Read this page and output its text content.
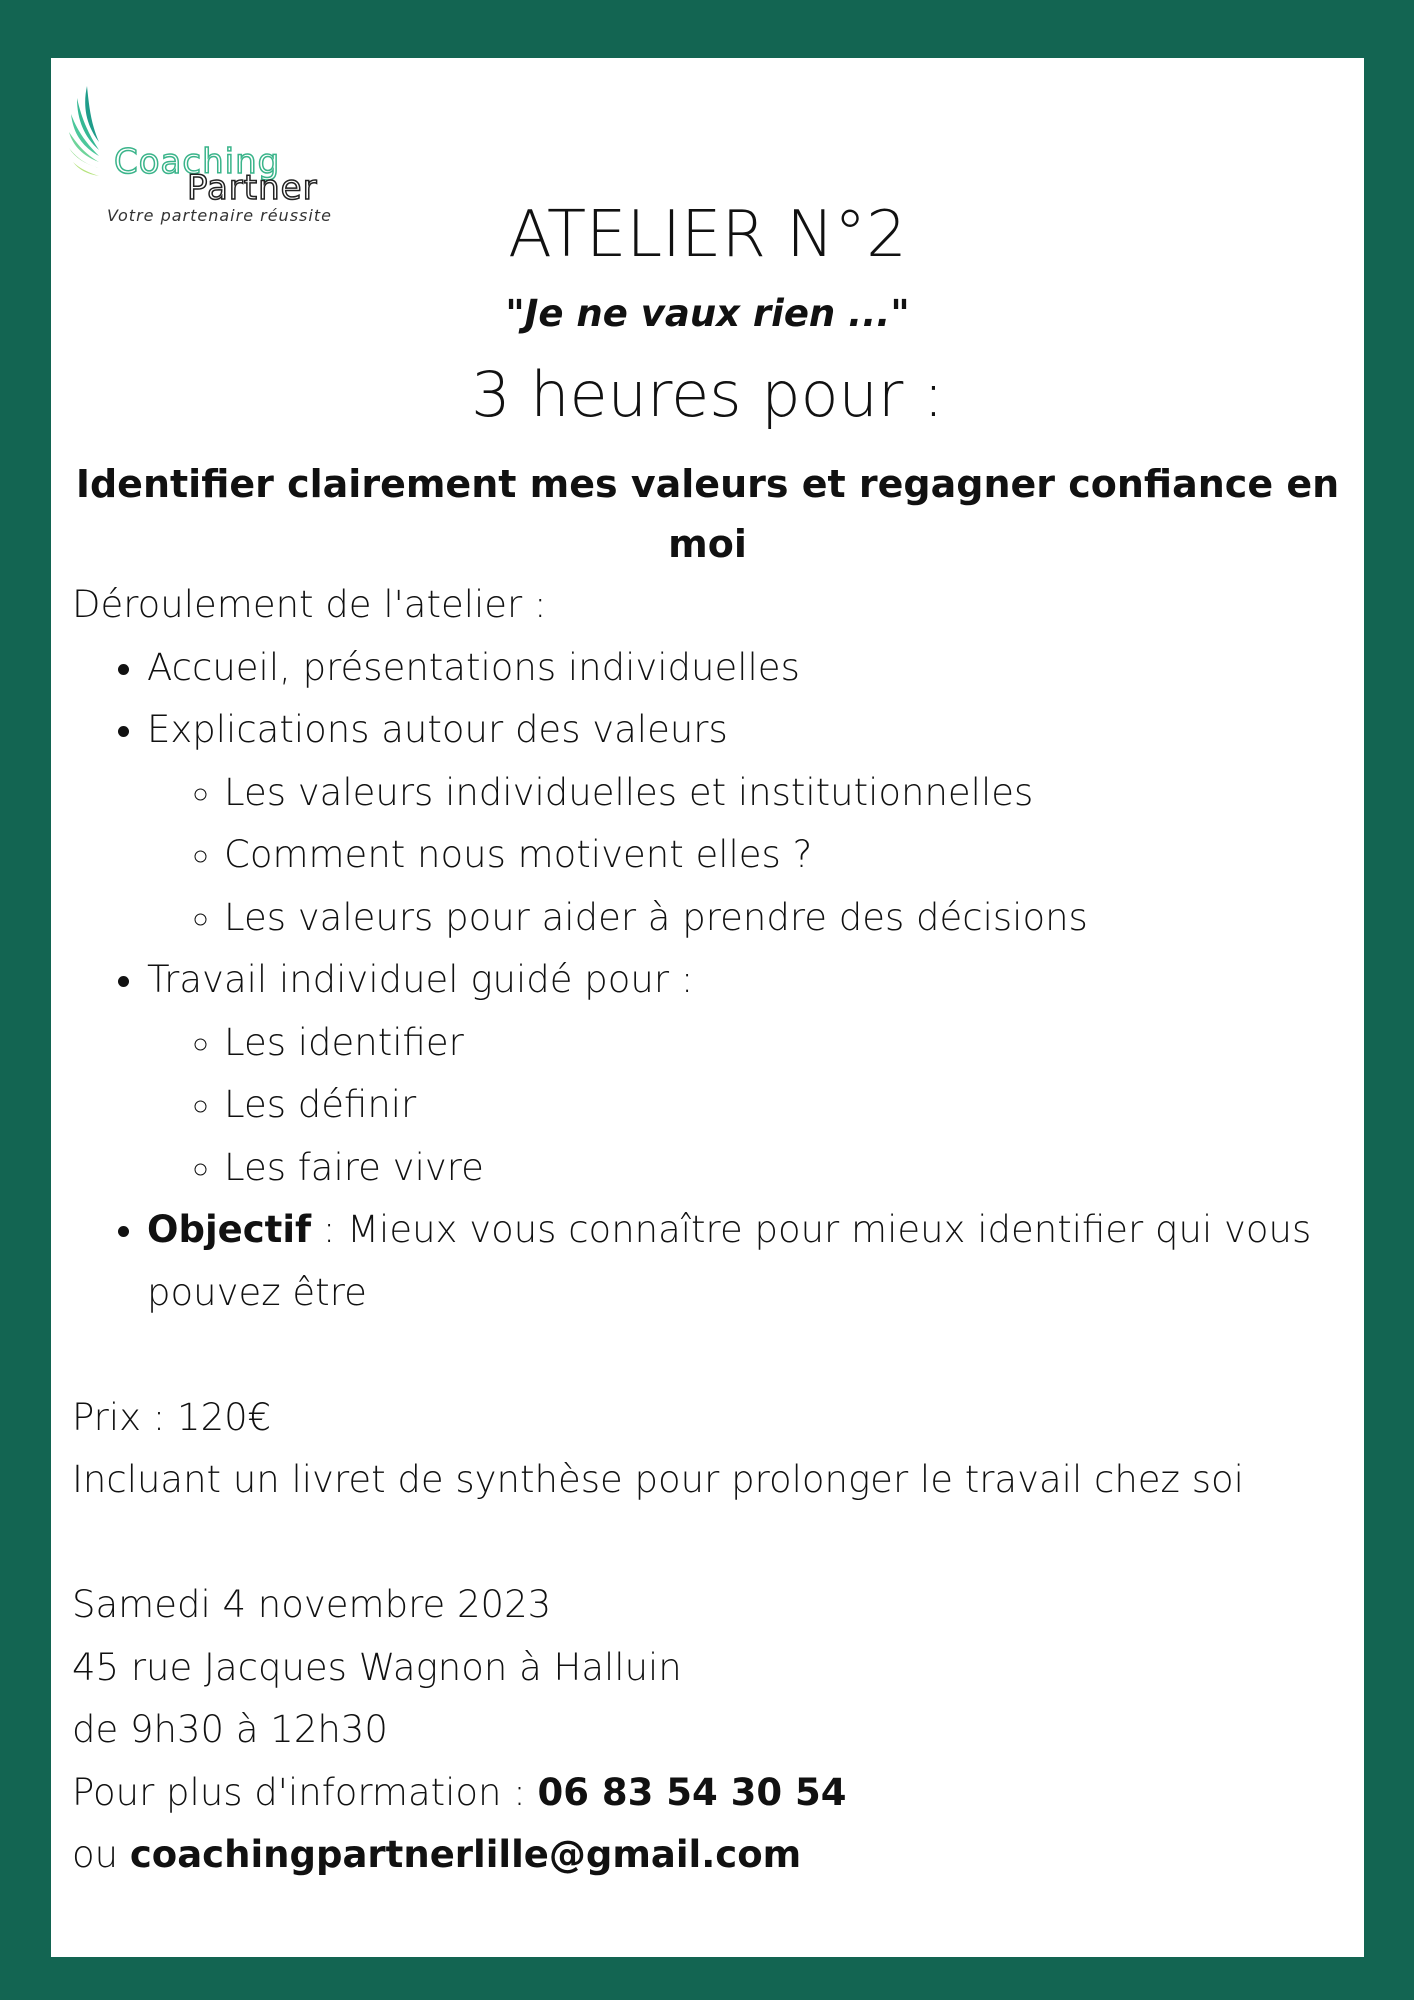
Coaching
Partner
Votre partenaire réussite	ATELIER N°2
"Je ne vaux rien ..."
3 heures pour :
Identifier clairement mes valeurs et regagner confiance en moi
Déroulement de l'atelier :
• Accueil, présentations individuelles
• Explications autour des valeurs
◦ Les valeurs individuelles et institutionnelles
◦ Comment nous motivent elles ?
◦ Les valeurs pour aider à prendre des décisions
• Travail individuel guidé pour :
◦ Les identifier
◦ Les définir
◦ Les faire vivre
• Objectif : Mieux vous connaître pour mieux identifier qui vous pouvez être
Prix : 120€
Incluant un livret de synthèse pour prolonger le travail chez soi
Samedi 4 novembre 2023
45 rue Jacques Wagnon à Halluin
de 9h30 à 12h30
Pour plus d'information : 06 83 54 30 54
ou coachingpartnerlille@gmail.com
